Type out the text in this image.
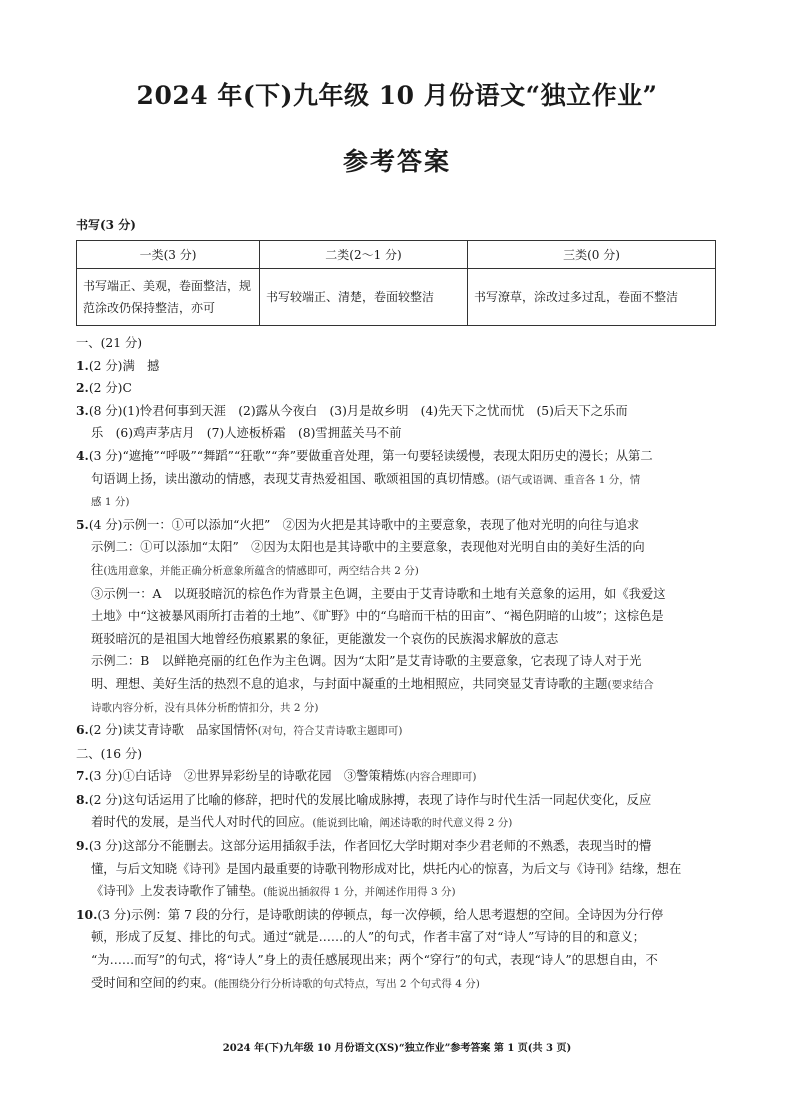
2024 年(下)九年级 10 月份语文“独立作业”
参考答案
书写(3 分)
一类(3 分)	二类(2～1 分)	三类(0 分)
书写端正、美观，卷面整洁，规范涂改仍保持整洁，亦可	书写较端正、清楚，卷面较整洁	书写潦草，涂改过多过乱，卷面不整洁
一、(21 分)
1.(2 分)满　撼
2.(2 分)C
3.(8 分)(1)怜君何事到天涯　(2)露从今夜白　(3)月是故乡明　(4)先天下之忧而忧　(5)后天下之乐而
乐　(6)鸡声茅店月　(7)人迹板桥霜　(8)雪拥蓝关马不前
4.(3 分)“遮掩”“呼吸”“舞蹈”“狂歌”“奔”要做重音处理，第一句要轻读缓慢，表现太阳历史的漫长；从第二
句语调上扬，读出激动的情感，表现艾青热爱祖国、歌颂祖国的真切情感。(语气或语调、重音各 1 分，情
感 1 分)
5.(4 分)示例一：①可以添加“火把”　②因为火把是其诗歌中的主要意象，表现了他对光明的向往与追求
示例二：①可以添加“太阳”　②因为太阳也是其诗歌中的主要意象，表现他对光明自由的美好生活的向
往(选用意象，并能正确分析意象所蕴含的情感即可，两空结合共 2 分)
③示例一：A　以斑驳暗沉的棕色作为背景主色调，主要由于艾青诗歌和土地有关意象的运用，如《我爱这
土地》中“这被暴风雨所打击着的土地”、《旷野》中的“乌暗而干枯的田亩”、“褐色阴暗的山坡”；这棕色是
斑驳暗沉的是祖国大地曾经伤痕累累的象征，更能激发一个哀伤的民族渴求解放的意志
示例二：B　以鲜艳亮丽的红色作为主色调。因为“太阳”是艾青诗歌的主要意象，它表现了诗人对于光
明、理想、美好生活的热烈不息的追求，与封面中凝重的土地相照应，共同突显艾青诗歌的主题(要求结合
诗歌内容分析，没有具体分析酌情扣分，共 2 分)
6.(2 分)读艾青诗歌　品家国情怀(对句，符合艾青诗歌主题即可)
二、(16 分)
7.(3 分)①白话诗　②世界异彩纷呈的诗歌花园　③警策精炼(内容合理即可)
8.(2 分)这句话运用了比喻的修辞，把时代的发展比喻成脉搏，表现了诗作与时代生活一同起伏变化，反应
着时代的发展，是当代人对时代的回应。(能说到比喻，阐述诗歌的时代意义得 2 分)
9.(3 分)这部分不能删去。这部分运用插叙手法，作者回忆大学时期对李少君老师的不熟悉，表现当时的懵
懂，与后文知晓《诗刊》是国内最重要的诗歌刊物形成对比，烘托内心的惊喜，为后文与《诗刊》结缘，想在
《诗刊》上发表诗歌作了铺垫。(能说出插叙得 1 分，并阐述作用得 3 分)
10.(3 分)示例：第 7 段的分行，是诗歌朗读的停顿点，每一次停顿，给人思考遐想的空间。全诗因为分行停
顿，形成了反复、排比的句式。通过“就是……的人”的句式，作者丰富了对“诗人”写诗的目的和意义；
“为……而写”的句式，将“诗人”身上的责任感展现出来；两个“穿行”的句式，表现“诗人”的思想自由，不
受时间和空间的约束。(能围绕分行分析诗歌的句式特点，写出 2 个句式得 4 分)
2024 年(下)九年级 10 月份语文(XS)“独立作业”参考答案 第 1 页(共 3 页)
